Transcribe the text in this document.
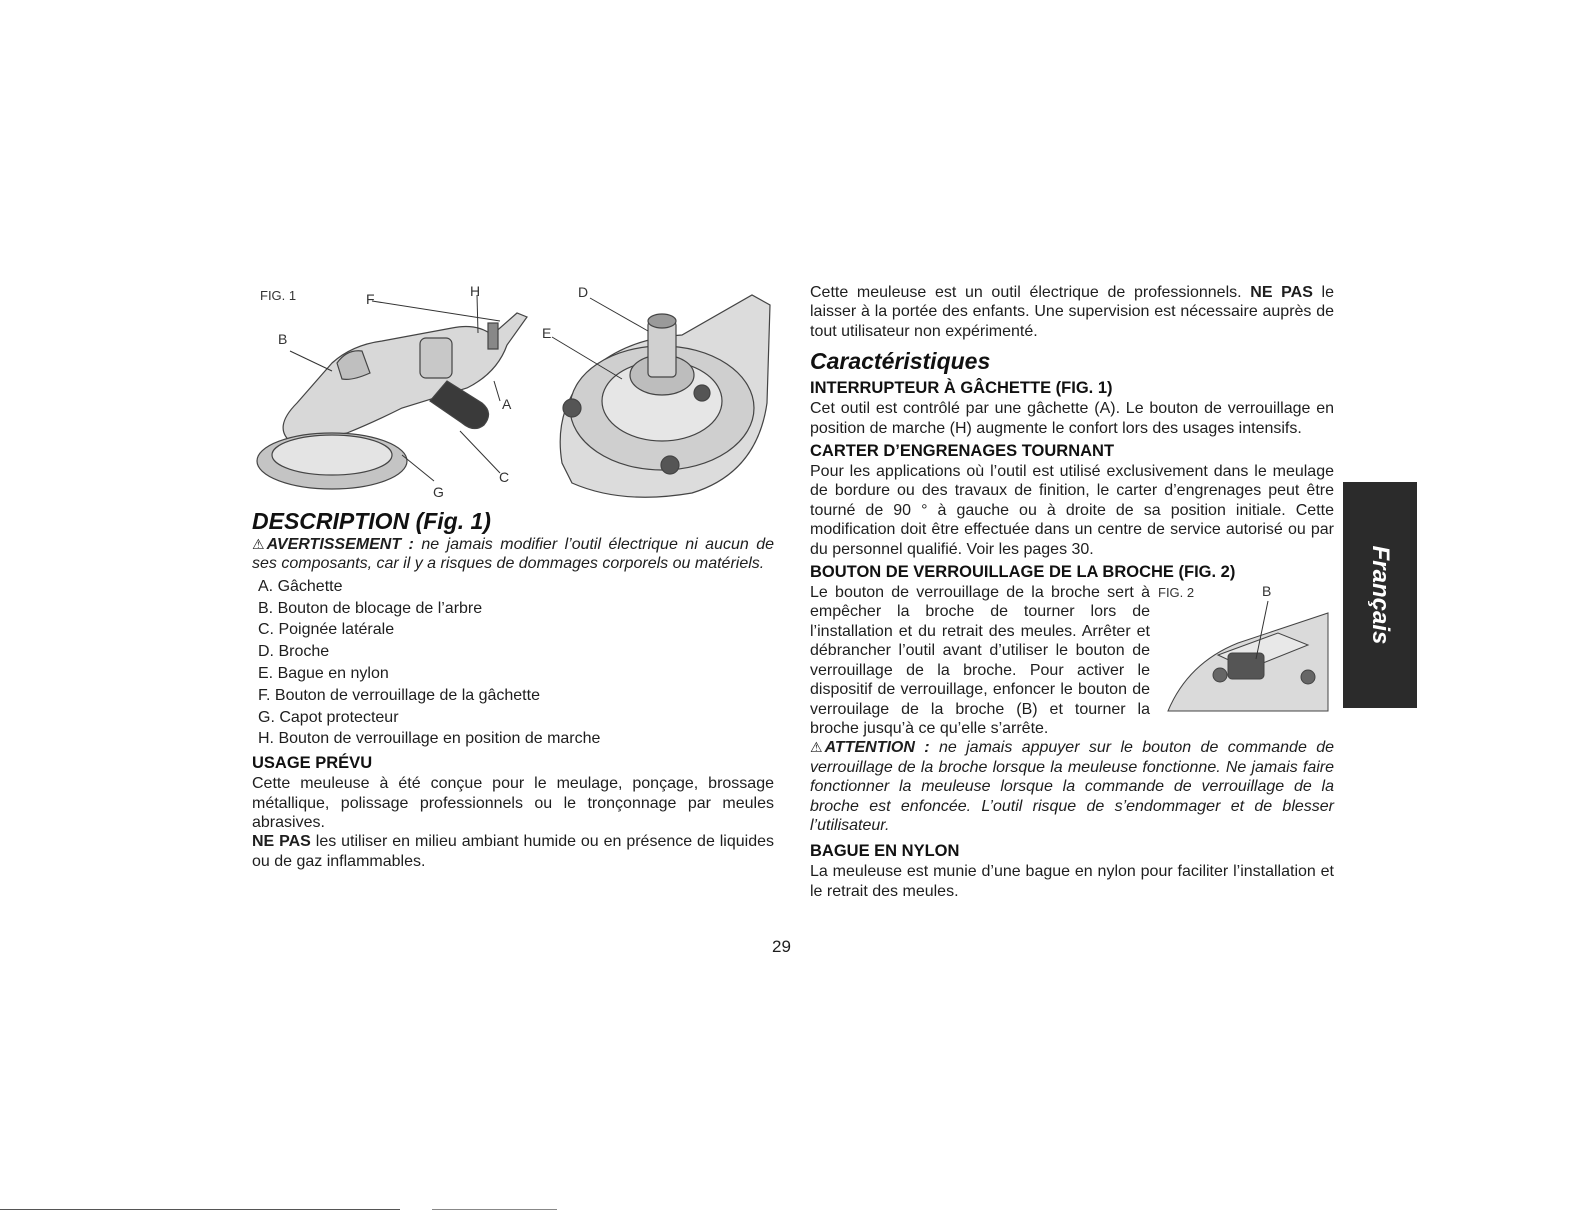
FIG. 1	F	H
B
A
C
G
D
E
DESCRIPTION (Fig. 1)

⚠ AVERTISSEMENT : ne jamais modifier l’outil électrique ni aucun de ses composants, car il y a risques de dommages corporels ou matériels.

A. Gâchette
B. Bouton de blocage de l’arbre
C. Poignée latérale
D. Broche
E. Bague en nylon
F. Bouton de verrouillage de la gâchette
G. Capot protecteur
H. Bouton de verrouillage en position de marche
USAGE PRÉVU

Cette meuleuse à été conçue pour le meulage, ponçage, brossage métallique, polissage professionnels ou le tronçonnage par meules abrasives.

NE PAS les utiliser en milieu ambiant humide ou en présence de liquides ou de gaz inflammables.

Cette meuleuse est un outil électrique de professionnels. NE PAS le laisser à la portée des enfants. Une supervision est nécessaire auprès de tout utilisateur non expérimenté.

Caractéristiques
INTERRUPTEUR À GÂCHETTE (FIG. 1)

Cet outil est contrôlé par une gâchette (A). Le bouton de verrouillage en position de marche (H) augmente le confort lors des usages intensifs.

CARTER D’ENGRENAGES TOURNANT

Pour les applications où l’outil est utilisé exclusivement dans le meulage de bordure ou des travaux de finition, le carter d’engrenages peut être tourné de 90 ° à gauche ou à droite de sa position initiale. Cette modification doit être effectuée dans un centre de service autorisé ou par du personnel qualifié. Voir les pages 30.

BOUTON DE VERROUILLAGE DE LA BROCHE (FIG. 2)
FIG. 2	B

Le bouton de verrouillage de la broche sert à empêcher la broche de tourner lors de l’installation et du retrait des meules. Arrêter et débrancher l’outil avant d’utiliser le bouton de verrouillage de la broche. Pour activer le dispositif de verrouillage, enfoncer le bouton de verrouilage de la broche (B) et tourner la broche jusqu’à ce qu’elle s’arrête.

⚠ ATTENTION : ne jamais appuyer sur le bouton de commande de verrouillage de la broche lorsque la meuleuse fonctionne. Ne jamais faire fonctionner la meuleuse lorsque la commande de verrouillage de la broche est enfoncée. L’outil risque de s’endommager et de blesser l’utilisateur.

BAGUE EN NYLON

La meuleuse est munie d’une bague en nylon pour faciliter l’installation et le retrait des meules.

Français
29
